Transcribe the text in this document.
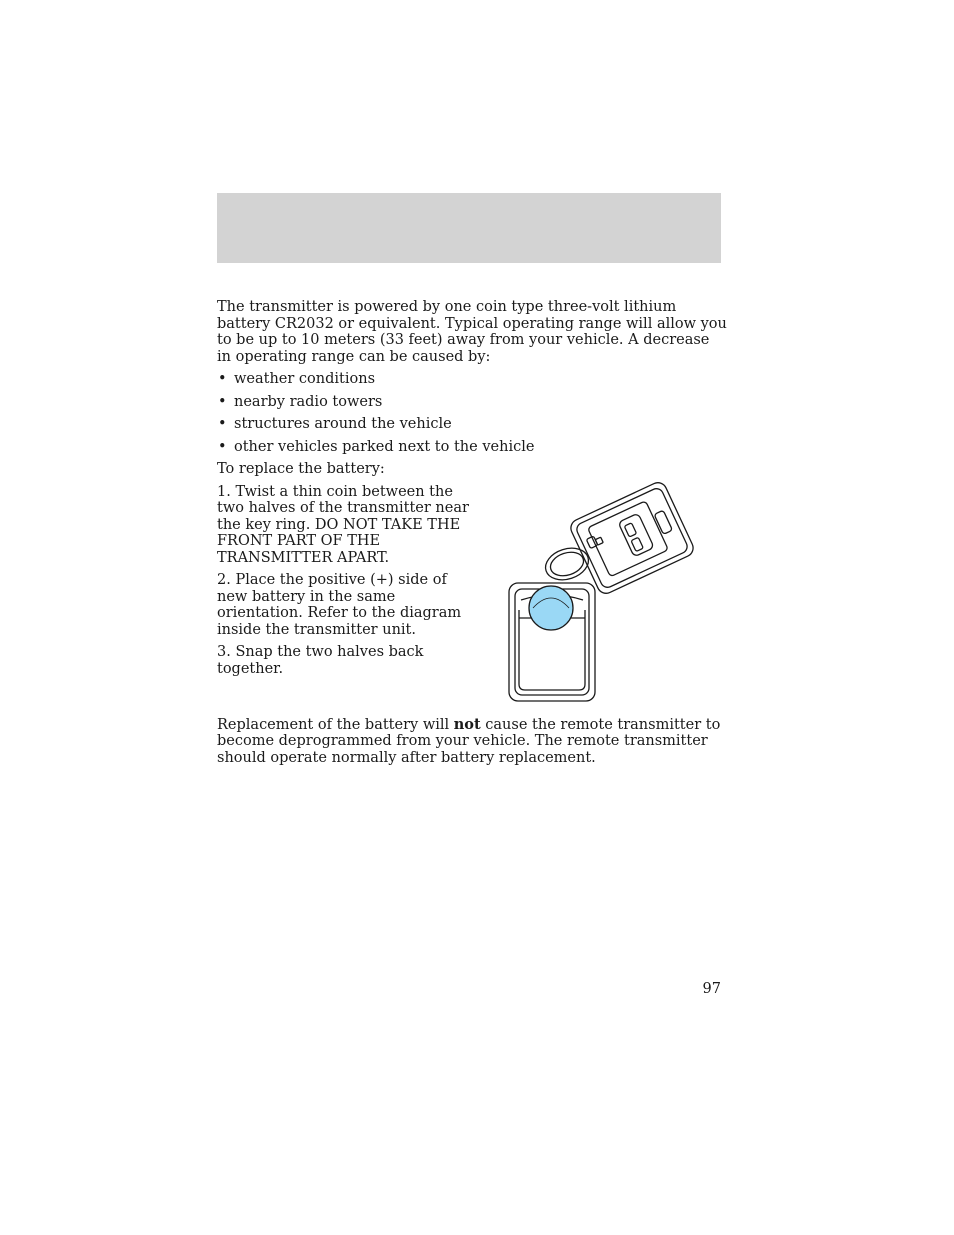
The transmitter is powered by one coin type three-volt lithium battery CR2032 or equivalent. Typical operating range will allow you to be up to 10 meters (33 feet) away from your vehicle. A decrease in operating range can be caused by:

• weather conditions
• nearby radio towers
• structures around the vehicle
• other vehicles parked next to the vehicle

To replace the battery:

1. Twist a thin coin between the two halves of the transmitter near the key ring. DO NOT TAKE THE FRONT PART OF THE TRANSMITTER APART.

2. Place the positive (+) side of new battery in the same orientation. Refer to the diagram inside the transmitter unit.

3. Snap the two halves back together.

Replacement of the battery will not cause the remote transmitter to become deprogrammed from your vehicle. The remote transmitter should operate normally after battery replacement.

97
